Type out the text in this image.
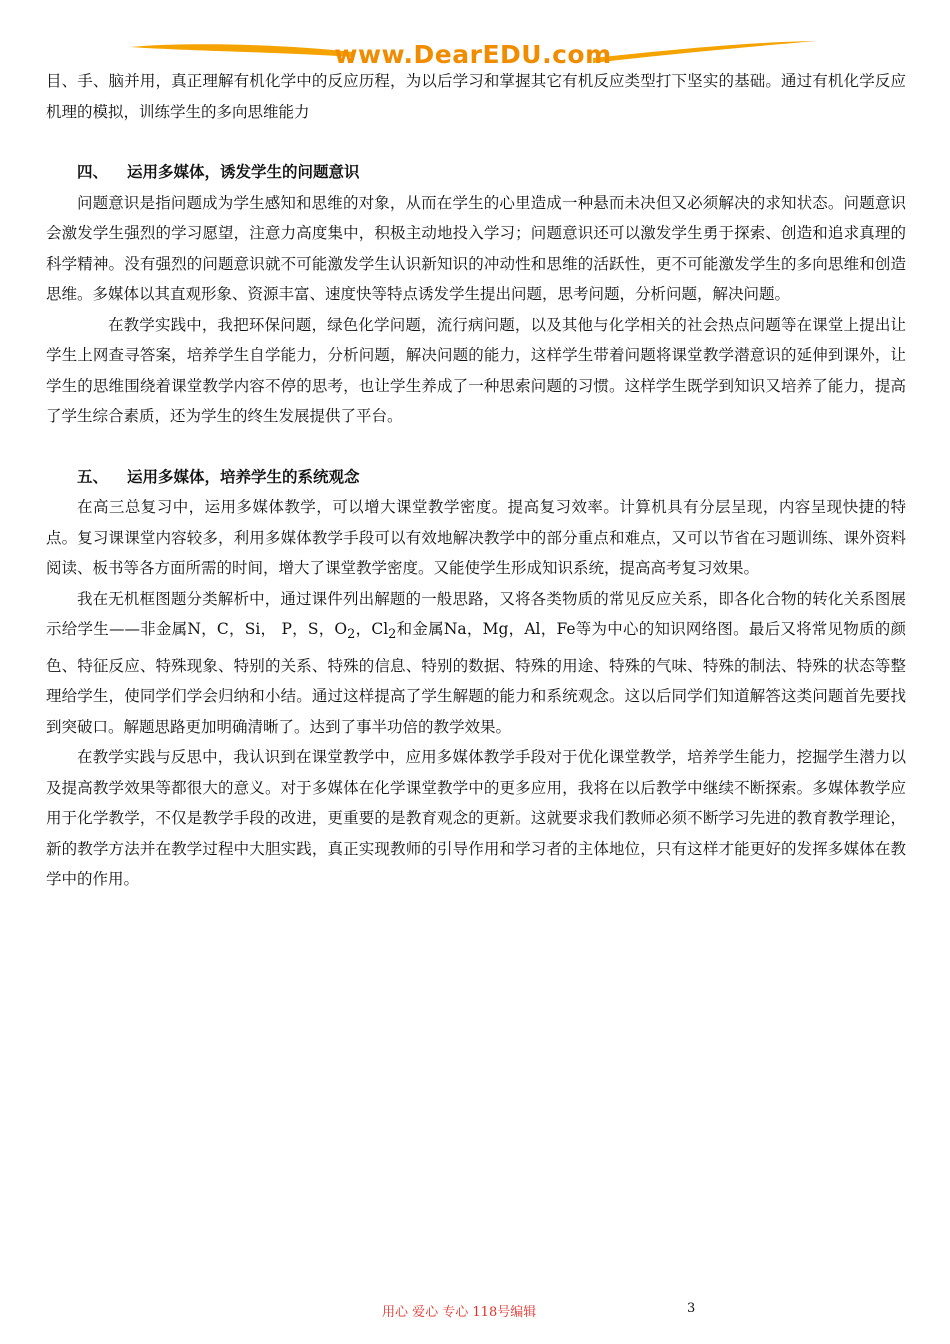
www.DearEDU.com

目、手、脑并用，真正理解有机化学中的反应历程，为以后学习和掌握其它有机反应类型打下坚实的基础。通过有机化学反应机理的模拟，训练学生的多向思维能力

四、 运用多媒体，诱发学生的问题意识

问题意识是指问题成为学生感知和思维的对象，从而在学生的心里造成一种悬而未决但又必须解决的求知状态。问题意识会激发学生强烈的学习愿望，注意力高度集中，积极主动地投入学习；问题意识还可以激发学生勇于探索、创造和追求真理的科学精神。没有强烈的问题意识就不可能激发学生认识新知识的冲动性和思维的活跃性，更不可能激发学生的多向思维和创造思维。多媒体以其直观形象、资源丰富、速度快等特点诱发学生提出问题，思考问题，分析问题，解决问题。

在教学实践中，我把环保问题，绿色化学问题，流行病问题，以及其他与化学相关的社会热点问题等在课堂上提出让学生上网查寻答案，培养学生自学能力，分析问题，解决问题的能力，这样学生带着问题将课堂教学潜意识的延伸到课外，让学生的思维围绕着课堂教学内容不停的思考，也让学生养成了一种思索问题的习惯。这样学生既学到知识又培养了能力，提高了学生综合素质，还为学生的终生发展提供了平台。

五、 运用多媒体，培养学生的系统观念

在高三总复习中，运用多媒体教学，可以增大课堂教学密度。提高复习效率。计算机具有分层呈现，内容呈现快捷的特点。复习课课堂内容较多，利用多媒体教学手段可以有效地解决教学中的部分重点和难点，又可以节省在习题训练、课外资料阅读、板书等各方面所需的时间，增大了课堂教学密度。又能使学生形成知识系统，提高高考复习效果。

我在无机框图题分类解析中，通过课件列出解题的一般思路，又将各类物质的常见反应关系，即各化合物的转化关系图展示给学生——非金属N，C，Si， P，S，$O_2$，$Cl_2$和金属Na，Mg，Al，Fe等为中心的知识网络图。最后又将常见物质的颜色、特征反应、特殊现象、特别的关系、特殊的信息、特别的数据、特殊的用途、特殊的气味、特殊的制法、特殊的状态等整理给学生，使同学们学会归纳和小结。通过这样提高了学生解题的能力和系统观念。这以后同学们知道解答这类问题首先要找到突破口。解题思路更加明确清晰了。达到了事半功倍的教学效果。

在教学实践与反思中，我认识到在课堂教学中，应用多媒体教学手段对于优化课堂教学，培养学生能力，挖掘学生潜力以及提高教学效果等都很大的意义。对于多媒体在化学课堂教学中的更多应用，我将在以后教学中继续不断探索。多媒体教学应用于化学教学，不仅是教学手段的改进，更重要的是教育观念的更新。这就要求我们教师必须不断学习先进的教育教学理论，新的教学方法并在教学过程中大胆实践，真正实现教师的引导作用和学习者的主体地位，只有这样才能更好的发挥多媒体在教学中的作用。

用心 爱心 专心 118号编辑	3
